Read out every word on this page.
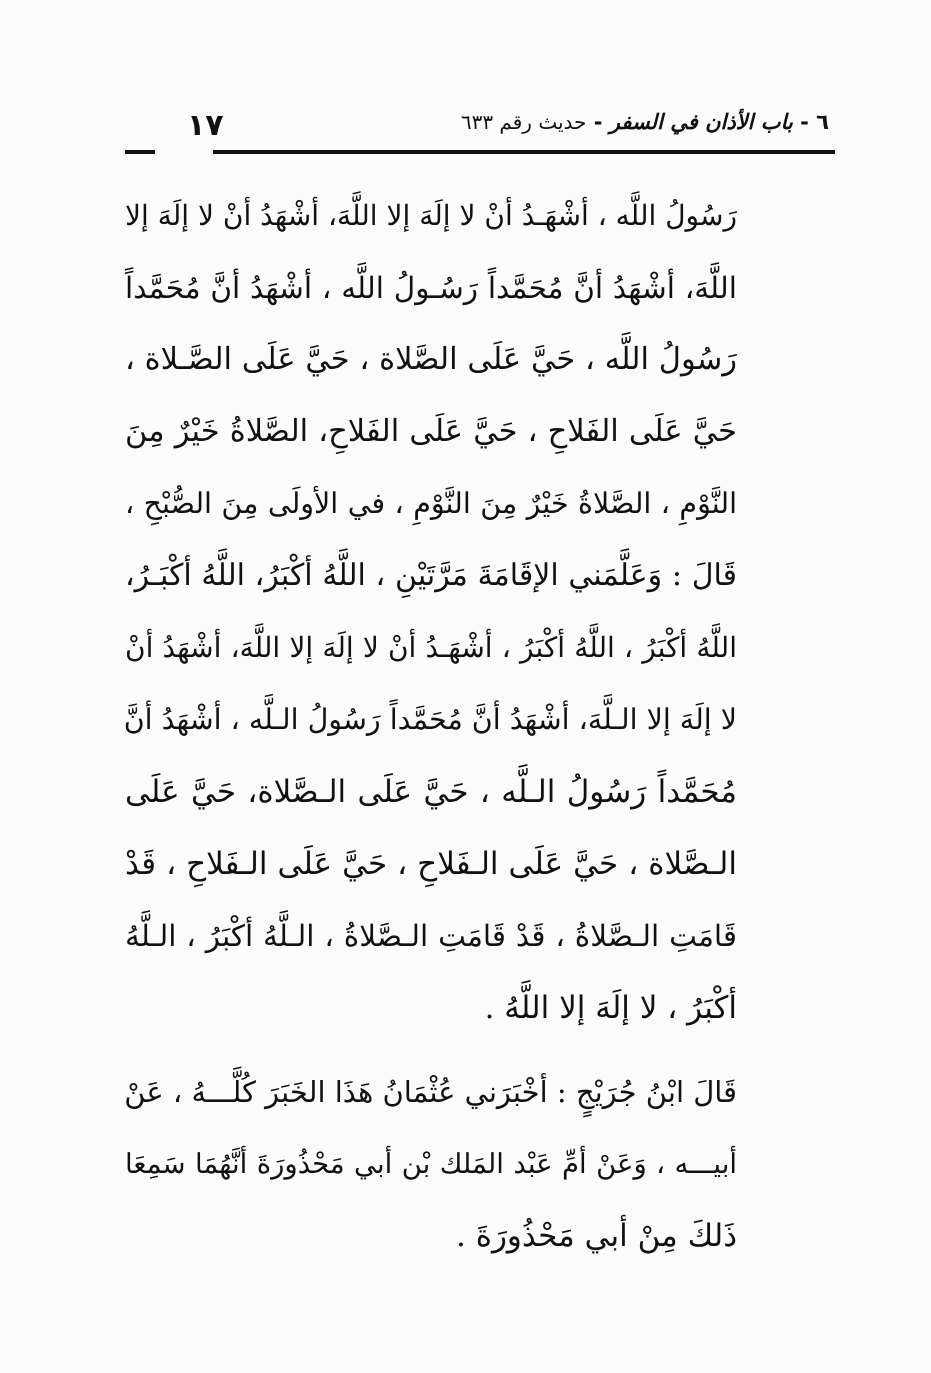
٦ - باب الأذان في السفر - حديث رقم ٦٣٣
١٧
رَسُولُ اللَّه ، أشْهَـدُ أنْ لا إلَهَ إلا اللَّهَ، أشْهَدُ أنْ لا إلَهَ إلا
اللَّهَ، أشْهَدُ أنَّ مُحَمَّداً رَسُـولُ اللَّه ، أشْهَدُ أنَّ مُحَمَّداً
رَسُولُ اللَّه ، حَيَّ عَلَى الصَّلاة ، حَيَّ عَلَى الصَّـلاة ،
حَيَّ عَلَى الفَلاحِ ، حَيَّ عَلَى الفَلاحِ، الصَّلاةُ خَيْرٌ مِنَ
النَّوْمِ ، الصَّلاةُ خَيْرٌ مِنَ النَّوْمِ ، في الأولَى مِنَ الصُّبْحِ ،
قَالَ : وَعَلَّمَني الإقَامَةَ مَرَّتَيْنِ ، اللَّهُ أكْبَرُ، اللَّهُ أكْبَـرُ،
اللَّهُ أكْبَرُ ، اللَّهُ أكْبَرُ ، أشْهَـدُ أنْ لا إلَهَ إلا اللَّهَ، أشْهَدُ أنْ
لا إلَهَ إلا الـلَّهَ، أشْهَدُ أنَّ مُحَمَّداً رَسُولُ الـلَّه ، أشْهَدُ أنَّ
مُحَمَّداً رَسُولُ الـلَّه ، حَيَّ عَلَى الـصَّلاة، حَيَّ عَلَى
الـصَّلاة ، حَيَّ عَلَى الـفَلاحِ ، حَيَّ عَلَى الـفَلاحِ ، قَدْ
قَامَتِ الـصَّلاةُ ، قَدْ قَامَتِ الـصَّلاةُ ، الـلَّهُ أكْبَرُ ، الـلَّهُ
أكْبَرُ ، لا إلَهَ إلا اللَّهُ .
قَالَ ابْنُ جُرَيْجٍ : أخْبَرَني عُثْمَانُ هَذَا الخَبَرَ كُلَّـــهُ ، عَنْ
أبيـــه ، وَعَنْ أمِّ عَبْد المَلك بْن أبي مَحْذُورَةَ أنَّهُمَا سَمِعَا
ذَلكَ مِنْ أبي مَحْذُورَةَ .
